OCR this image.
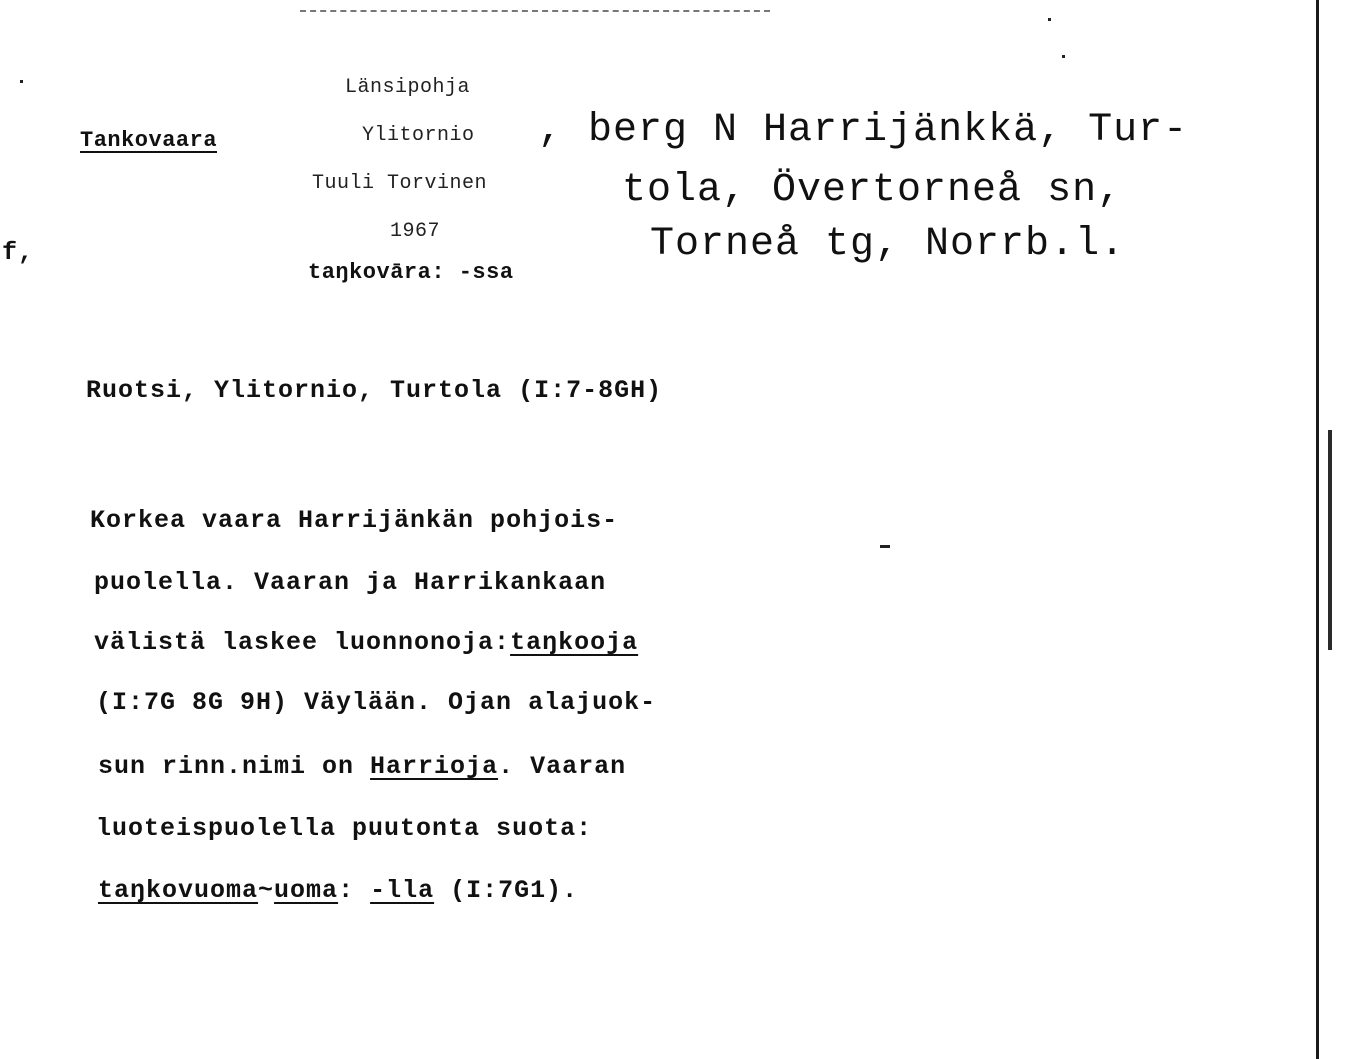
f,
Tankovaara
Länsipohja
Ylitornio
Tuuli Torvinen
1967
taŋkovāra: -ssa
, berg N Harrijänkkä, Tur-
tola, Övertorneå sn,
Torneå tg, Norrb.l.
Ruotsi, Ylitornio, Turtola (I:7-8GH)
Korkea vaara Harrijänkän pohjois-
puolella. Vaaran ja Harrikankaan
välistä laskee luonnonoja:taŋkooja
(I:7G 8G 9H) Väylään. Ojan alajuok-
sun rinn.nimi on Harrioja. Vaaran
luoteispuolella puutonta suota:
taŋkovuoma~uoma: -lla (I:7G1).
